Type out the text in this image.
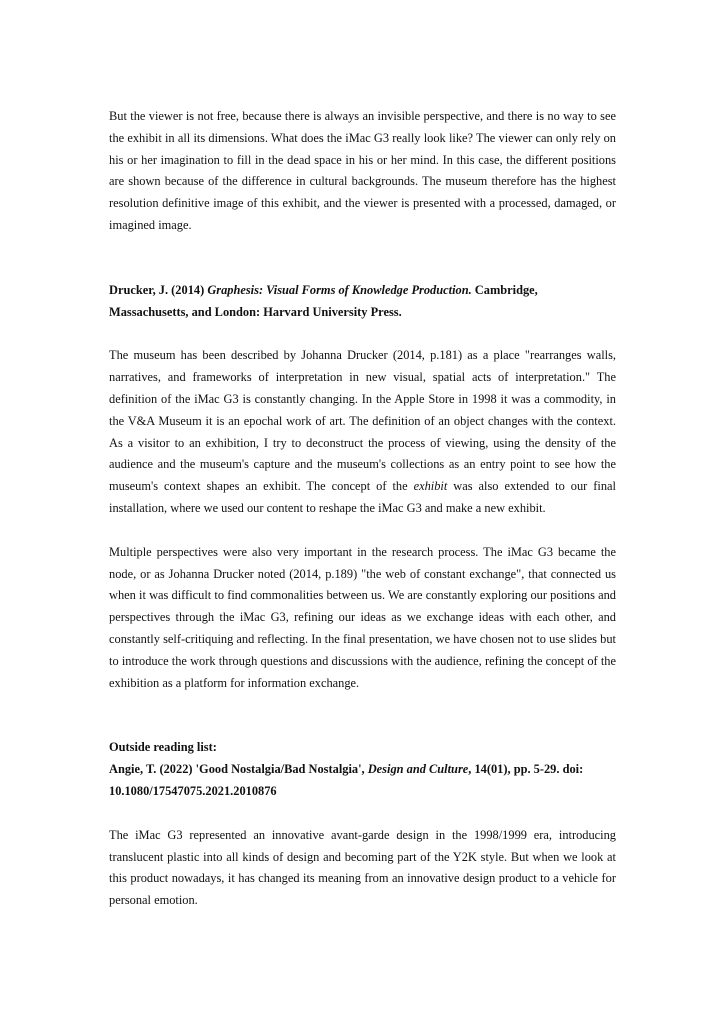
But the viewer is not free, because there is always an invisible perspective, and there is no way to see the exhibit in all its dimensions. What does the iMac G3 really look like? The viewer can only rely on his or her imagination to fill in the dead space in his or her mind. In this case, the different positions are shown because of the difference in cultural backgrounds. The museum therefore has the highest resolution definitive image of this exhibit, and the viewer is presented with a processed, damaged, or imagined image.

Drucker, J. (2014) Graphesis: Visual Forms of Knowledge Production. Cambridge, Massachusetts, and London: Harvard University Press.

The museum has been described by Johanna Drucker (2014, p.181) as a place "rearranges walls, narratives, and frameworks of interpretation in new visual, spatial acts of interpretation." The definition of the iMac G3 is constantly changing. In the Apple Store in 1998 it was a commodity, in the V&A Museum it is an epochal work of art. The definition of an object changes with the context. As a visitor to an exhibition, I try to deconstruct the process of viewing, using the density of the audience and the museum's capture and the museum's collections as an entry point to see how the museum's context shapes an exhibit. The concept of the exhibit was also extended to our final installation, where we used our content to reshape the iMac G3 and make a new exhibit.

Multiple perspectives were also very important in the research process. The iMac G3 became the node, or as Johanna Drucker noted (2014, p.189) "the web of constant exchange", that connected us when it was difficult to find commonalities between us. We are constantly exploring our positions and perspectives through the iMac G3, refining our ideas as we exchange ideas with each other, and constantly self-critiquing and reflecting. In the final presentation, we have chosen not to use slides but to introduce the work through questions and discussions with the audience, refining the concept of the exhibition as a platform for information exchange.

Outside reading list:

Angie, T. (2022) 'Good Nostalgia/Bad Nostalgia', Design and Culture, 14(01), pp. 5-29. doi: 10.1080/17547075.2021.2010876

The iMac G3 represented an innovative avant-garde design in the 1998/1999 era, introducing translucent plastic into all kinds of design and becoming part of the Y2K style. But when we look at this product nowadays, it has changed its meaning from an innovative design product to a vehicle for personal emotion.
